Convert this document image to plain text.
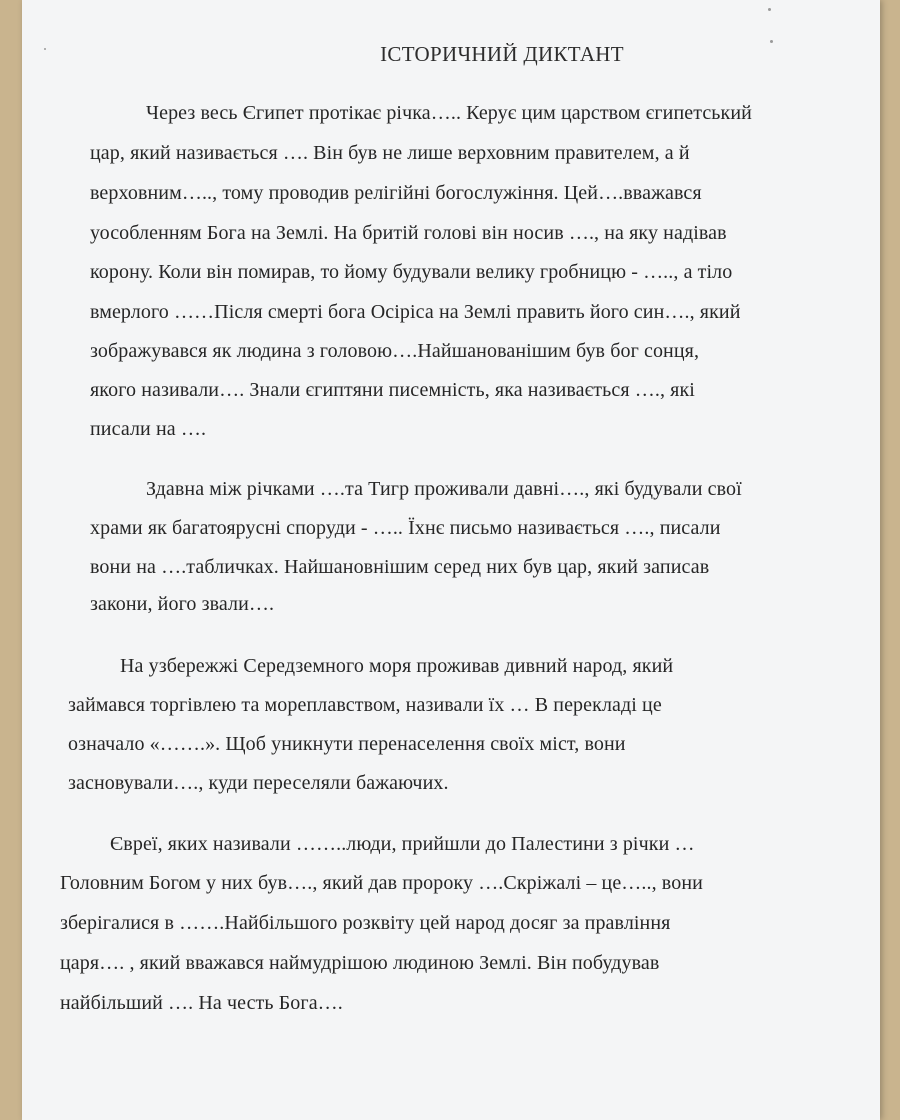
ІСТОРИЧНИЙ ДИКТАНТ
Через весь Єгипет протікає річка….. Керує цим царством єгипетський
цар, який називається …. Він був не лише верховним правителем, а й
верховним….., тому проводив релігійні богослужіння. Цей….вважався
уособленням Бога на Землі. На бритій голові він носив …., на яку надівав
корону. Коли він помирав, то йому будували велику гробницю - ….., а тіло
вмерлого ……Після смерті бога Осіріса на Землі править його син…., який
зображувався як людина з головою….Найшанованішим був бог сонця,
якого називали…. Знали єгиптяни писемність, яка називається …., які
писали на ….
Здавна між річками ….та Тигр проживали давні…., які будували свої
храми як багатоярусні споруди - ….. Їхнє письмо називається …., писали
вони на ….табличках. Найшановнішим серед них був цар, який записав
закони, його звали….
На узбережжі Середземного моря проживав дивний народ, який
займався торгівлею та мореплавством, називали їх … В перекладі це
означало «…….». Щоб уникнути перенаселення своїх міст, вони
засновували…., куди переселяли бажаючих.
Євреї, яких називали ……..люди, прийшли до Палестини з річки …
Головним Богом у них був…., який дав пророку ….Скріжалі – це….., вони
зберігалися в …….Найбільшого розквіту цей народ досяг за правління
царя…. , який вважався наймудрішою людиною Землі. Він побудував
найбільший …. На честь Бога….
